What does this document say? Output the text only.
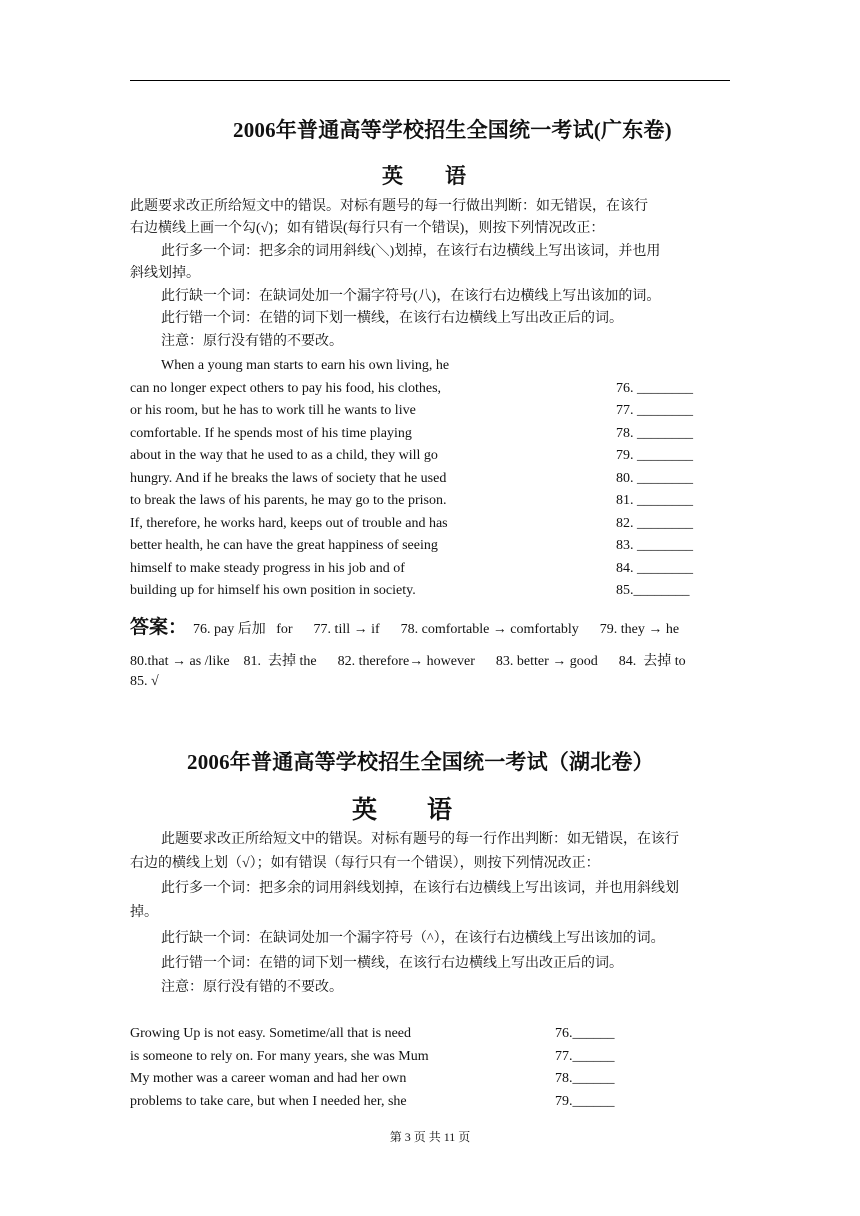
2006年普通高等学校招生全国统一考试(广东卷)
英　　语
此题要求改正所给短文中的错误。对标有题号的每一行做出判断：如无错误，在该行
右边横线上画一个勾(√)；如有错误(每行只有一个错误)，则按下列情况改正：
此行多一个词：把多余的词用斜线(＼)划掉，在该行右边横线上写出该词，并也用
斜线划掉。
此行缺一个词：在缺词处加一个漏字符号(八)，在该行右边横线上写出该加的词。
此行错一个词：在错的词下划一横线，在该行右边横线上写出改正后的词。
注意：原行没有错的不要改。
When a young man starts to earn his own living, he
can no longer expect others to pay his food, his clothes,
or his room, but he has to work till he wants to live
comfortable. If he spends most of his time playing
about in the way that he used to as a child, they will go
hungry. And if he breaks the laws of society that he used
to break the laws of his parents, he may go to the prison.
If, therefore, he works hard, keeps out of trouble and has
better health, he can have the great happiness of seeing
himself to make steady progress in his job and of
building up for himself his own position in society.
76. ________
77. ________
78. ________
79. ________
80. ________
81. ________
82. ________
83. ________
84. ________
85.________
答案： 76. pay 后加   for      77. till → if      78. comfortable → comfortably      79. they → he
80.that → as /like    81.  去掉 the      82. therefore→ however      83. better → good      84.  去掉 to
85. √
2006年普通高等学校招生全国统一考试（湖北卷）
英　　语
此题要求改正所给短文中的错误。对标有题号的每一行作出判断：如无错误，在该行
右边的横线上划（√）；如有错误（每行只有一个错误），则按下列情况改正：
此行多一个词：把多余的词用斜线划掉，在该行右边横线上写出该词，并也用斜线划
掉。
此行缺一个词：在缺词处加一个漏字符号（^），在该行右边横线上写出该加的词。
此行错一个词：在错的词下划一横线，在该行右边横线上写出改正后的词。
注意：原行没有错的不要改。
Growing Up is not easy. Sometime/all that is need
is someone to rely on. For many years, she was Mum
My mother was a career woman and had her own
problems to take care, but when I needed her, she
76.______
77.______
78.______
79.______
第 3 页 共 11 页
